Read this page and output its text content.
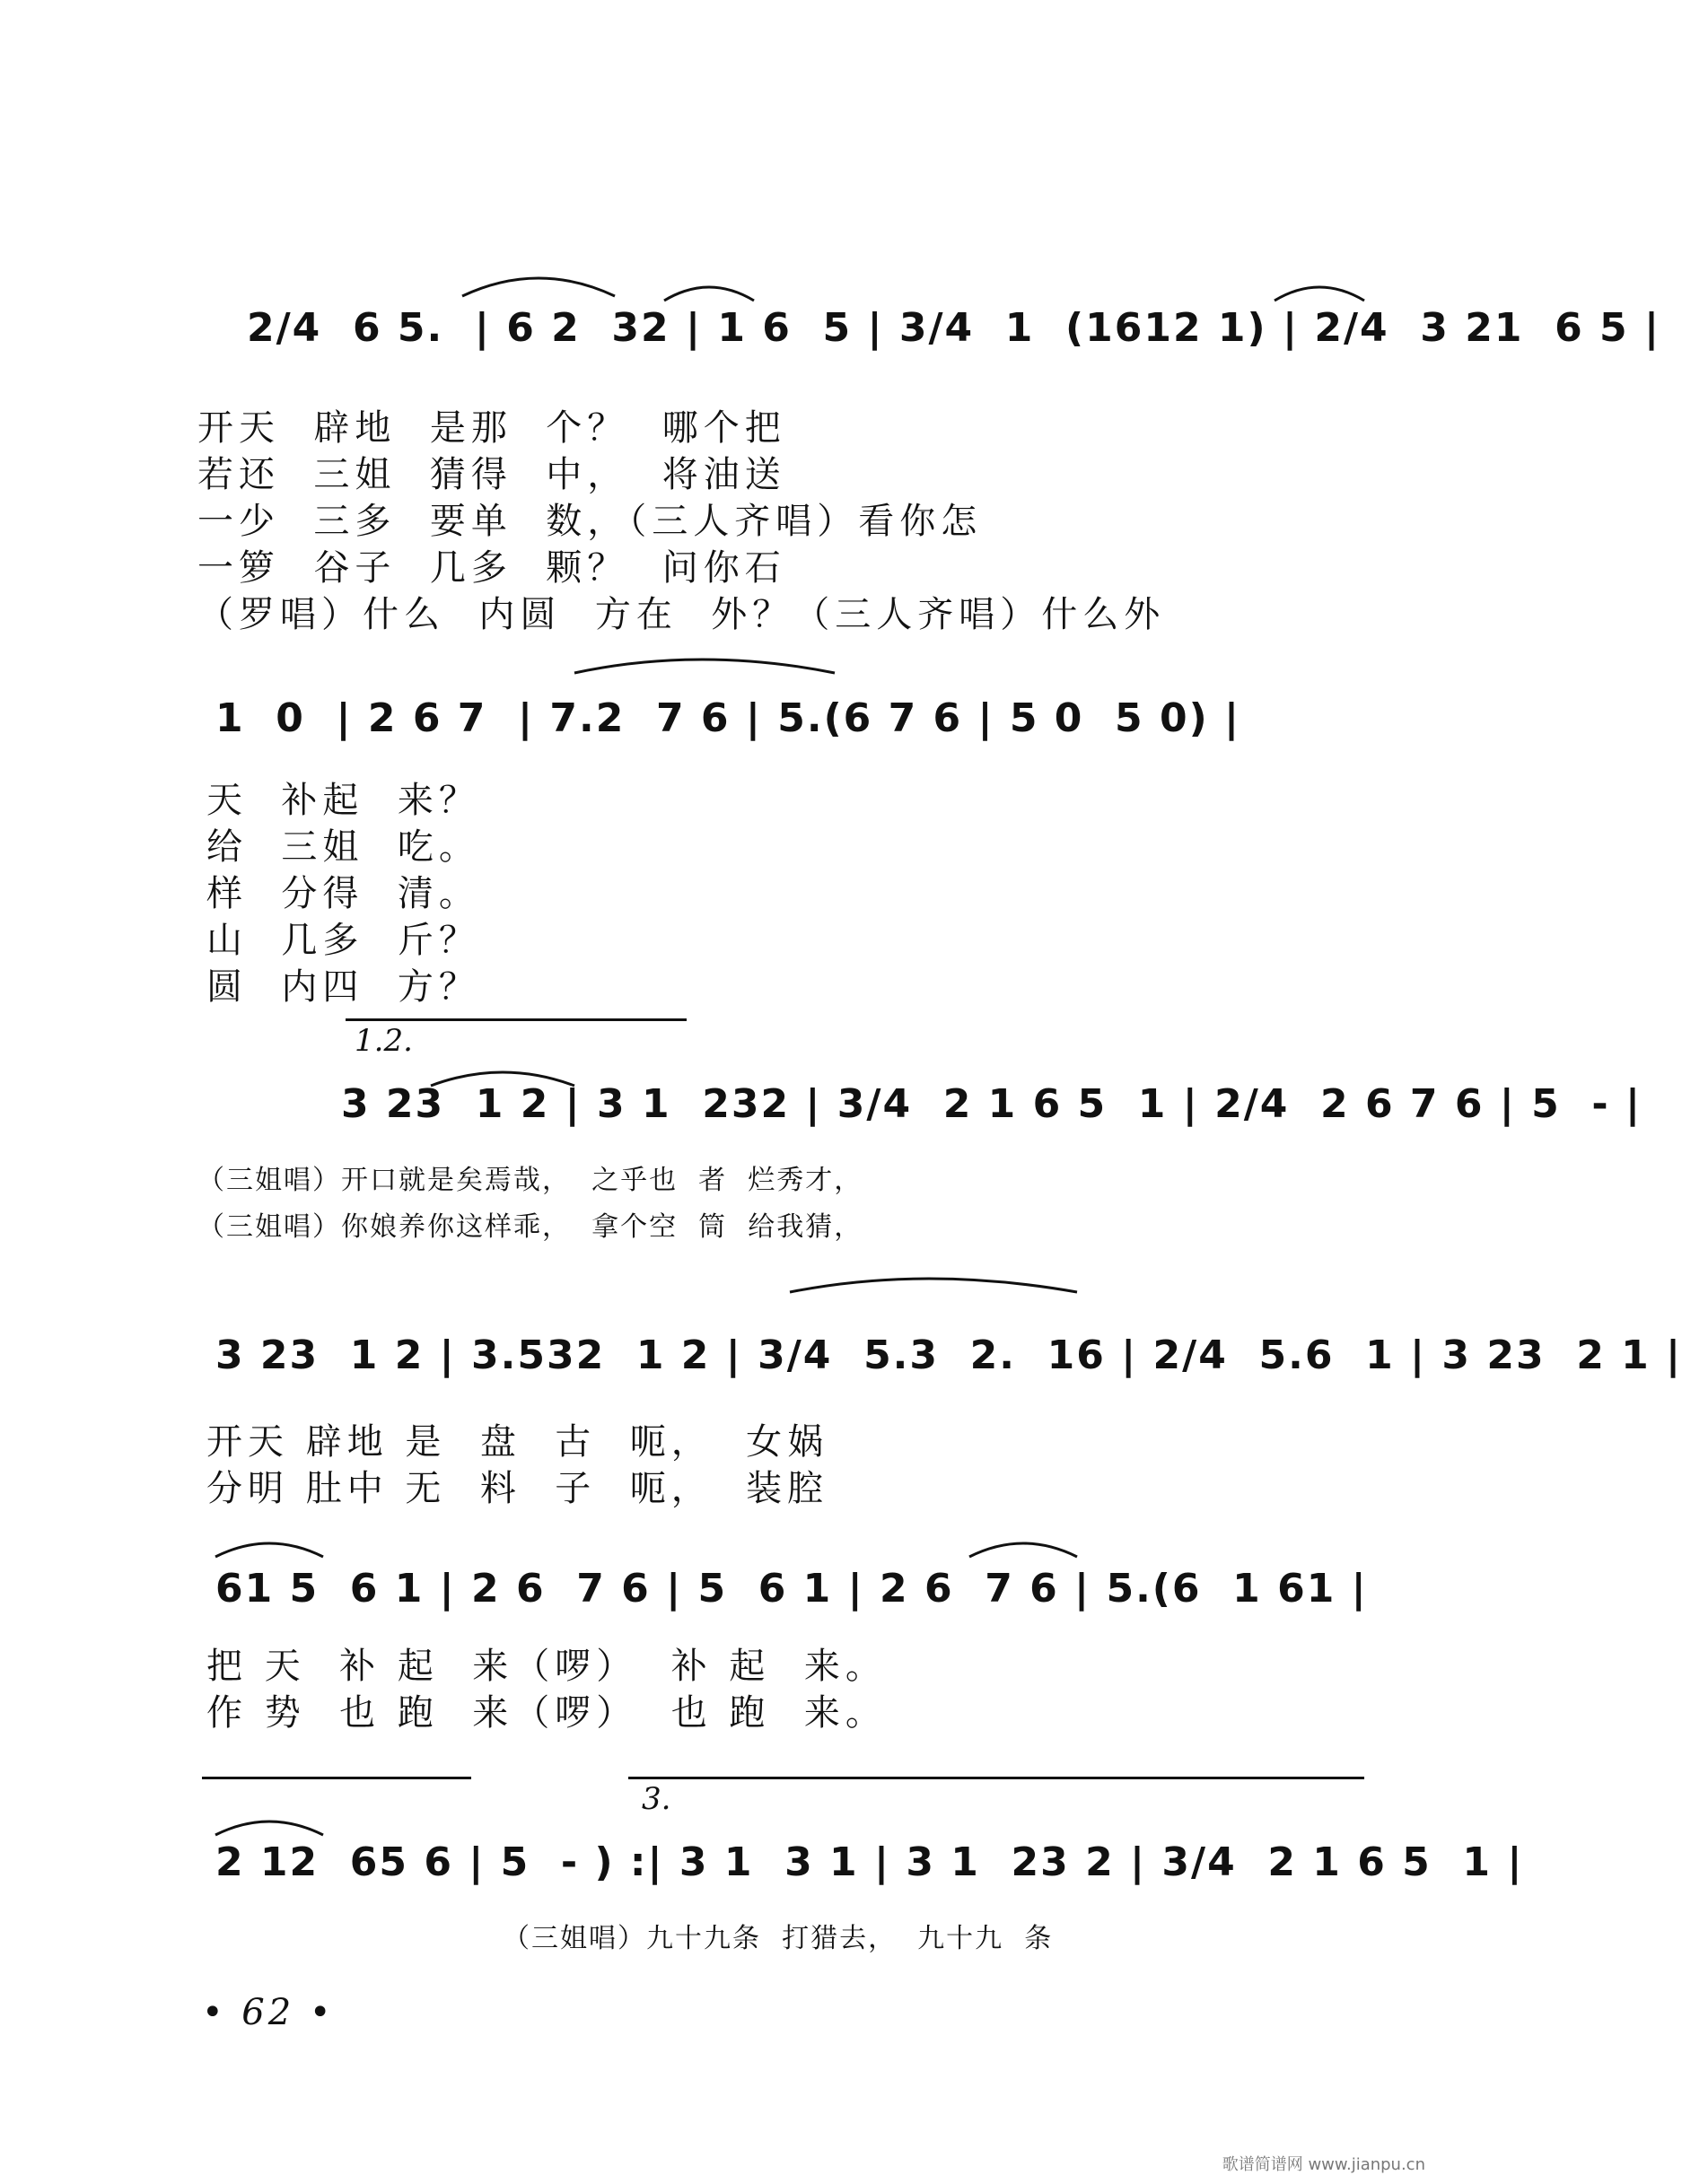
2/4  6 5.  | 6 2  32 | 1 6  5 | 3/4  1  (1612 1) | 2/4  3 21  6 5 |
开天  辟地  是那  个？  哪个把
若还  三姐  猜得  中，  将油送
一少  三多  要单  数，（三人齐唱）看你怎
一箩  谷子  几多  颗？  问你石
（罗唱）什么  内圆  方在  外？（三人齐唱）什么外
1  0  | 2 6 7  | 7.2  7 6 | 5.(6 7 6 | 5 0  5 0) |
天  补起  来？
给  三姐  吃。
样  分得  清。
山  几多  斤？
圆  内四  方？
1.2.
3 23  1 2 | 3 1  232 | 3/4  2 1 6 5  1 | 2/4  2 6 7 6 | 5  - |
（三姐唱）开口就是矣焉哉，  之乎也  者  烂秀才，
（三姐唱）你娘养你这样乖，  拿个空  筒  给我猜，
3 23  1 2 | 3.532  1 2 | 3/4  5.3  2.  16 | 2/4  5.6  1 | 3 23  2 1 |
开天 辟地 是  盘  古  呃，  女娲
分明 肚中 无  料  子  呃，  装腔
61 5  6 1 | 2 6  7 6 | 5  6 1 | 2 6  7 6 | 5.(6  1 61 |
把 天  补 起  来（啰）  补 起  来。
作 势  也 跑  来（啰）  也 跑  来。
3.
2 12  65 6 | 5  - ) :| 3 1  3 1 | 3 1  23 2 | 3/4  2 1 6 5  1 |
（三姐唱）九十九条  打猎去，  九十九  条
• 62 •
歌谱简谱网 www.jianpu.cn
